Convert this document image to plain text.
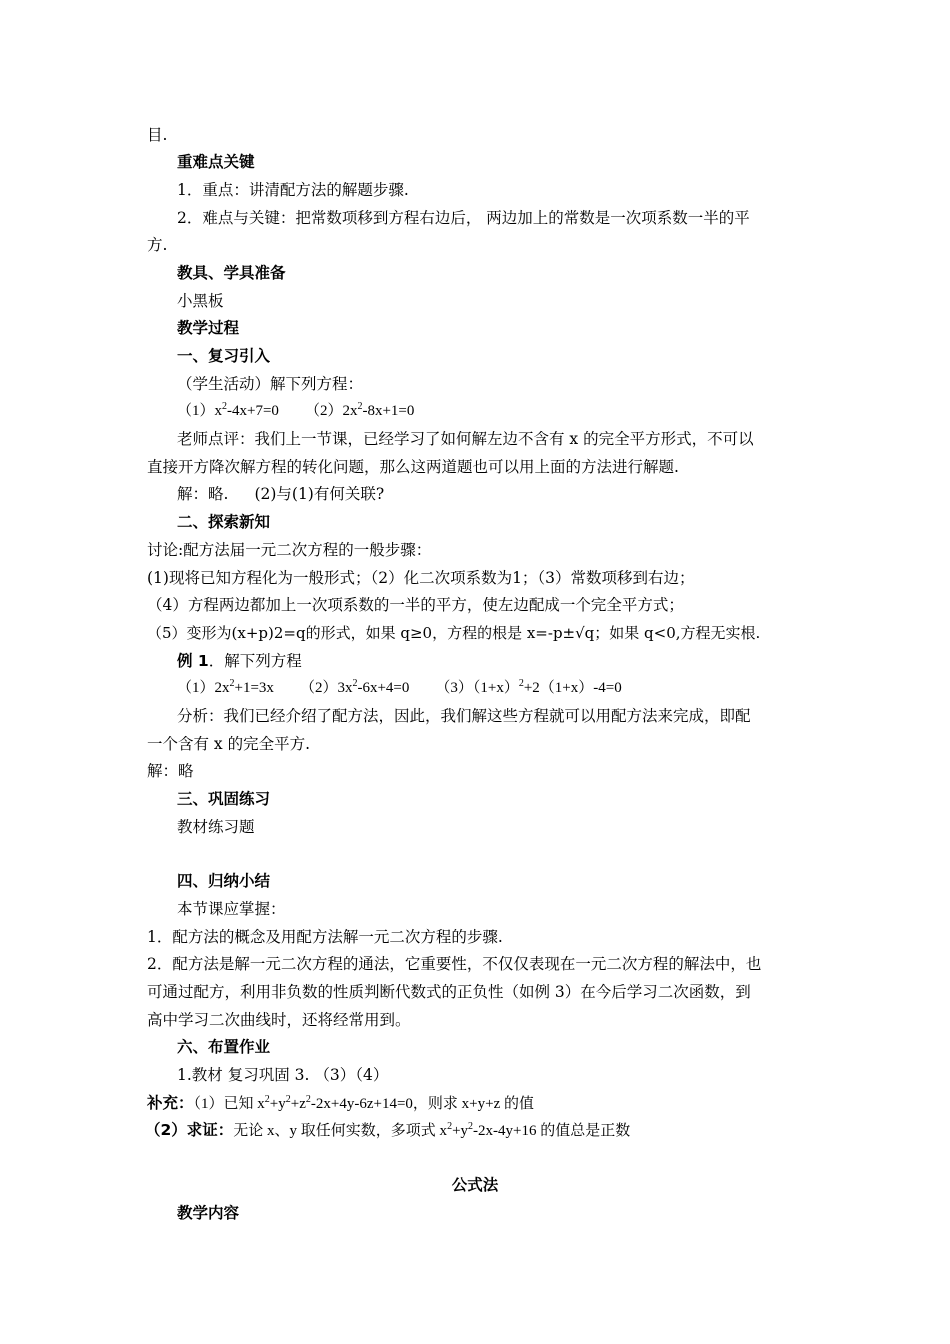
目.
重难点关键
1．重点：讲清配方法的解题步骤.
2．难点与关键：把常数项移到方程右边后， 两边加上的常数是一次项系数一半的平
方.
教具、学具准备
小黑板
教学过程
一、复习引入
（学生活动）解下列方程：
$(1)x^2-4x+7=0$ $(2)2x^2-8x+1=0$
老师点评：我们上一节课，已经学习了如何解左边不含有 x 的完全平方形式，不可以
直接开方降次解方程的转化问题，那么这两道题也可以用上面的方法进行解题.
解：略. (2)与(1)有何关联?
二、探索新知
讨论:配方法届一元二次方程的一般步骤：
(1)现将已知方程化为一般形式；（2）化二次项系数为1；（3）常数项移到右边；
（4）方程两边都加上一次项系数的一半的平方，使左边配成一个完全平方式；
（5）变形为(x+p)2=q的形式，如果 q≥0，方程的根是 x=-p±√q；如果 q<0,方程无实根.
例 1．解下列方程
$(1)2x^2+1=3x$ $(2)3x^2-6x+4=0$ $(3)(1+x)^2+2(1+x)-4=0$
分析：我们已经介绍了配方法，因此，我们解这些方程就可以用配方法来完成，即配
一个含有 x 的完全平方.
解：略
三、巩固练习
教材练习题
四、归纳小结
本节课应掌握：
1．配方法的概念及用配方法解一元二次方程的步骤.
2．配方法是解一元二次方程的通法，它重要性，不仅仅表现在一元二次方程的解法中，也
可通过配方，利用非负数的性质判断代数式的正负性（如例 3）在今后学习二次函数，到
高中学习二次曲线时，还将经常用到。
六、布置作业
1.教材 复习巩固 3. （3）（4）
补充：（1）已知 $x^2+y^2+z^2-2x+4y-6z+14=0$，则求 x+y+z 的值
（2）求证：无论 x、y 取任何实数，多项式 $x^2+y^2-2x-4y+16$ 的值总是正数
公式法
教学内容
